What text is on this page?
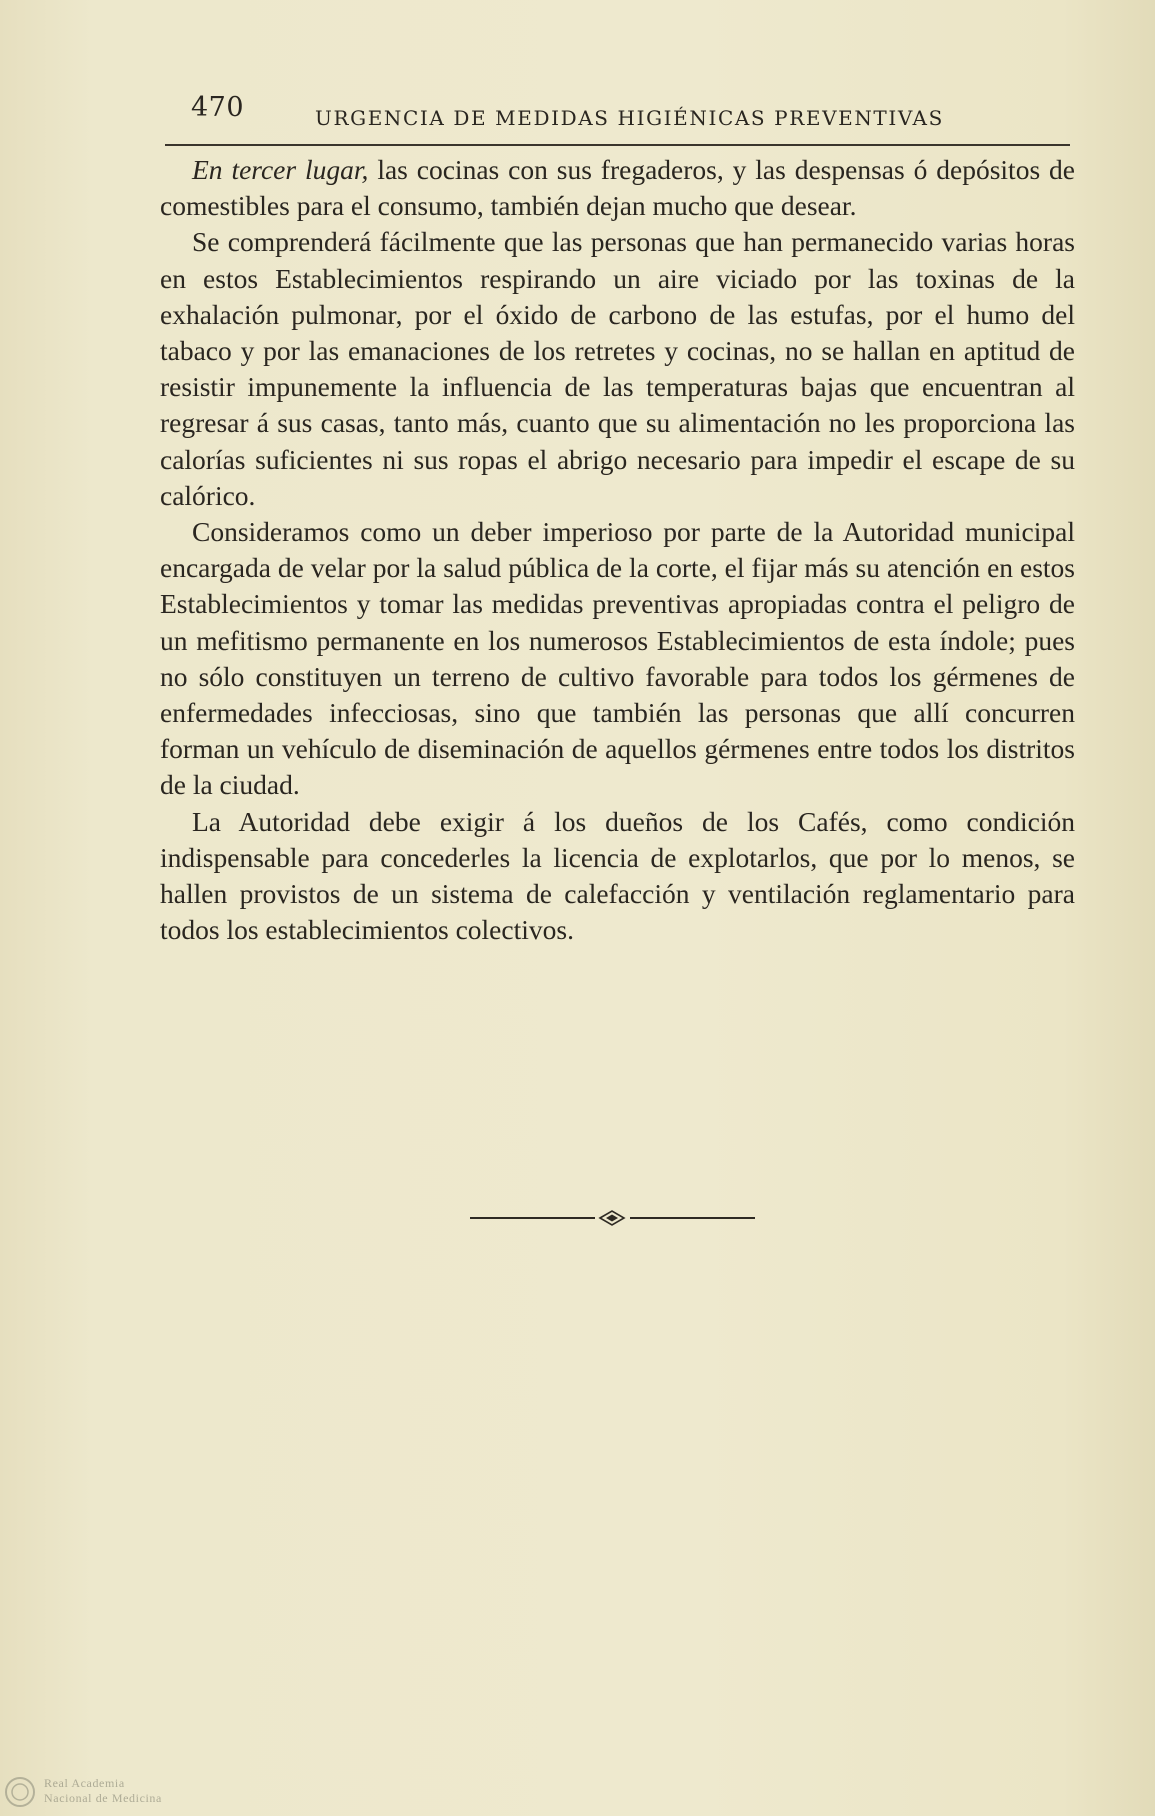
470	URGENCIA DE MEDIDAS HIGIÉNICAS PREVENTIVAS

En tercer lugar, las cocinas con sus fregaderos, y las despensas ó depósitos de comestibles para el consumo, también dejan mucho que desear.

Se comprenderá fácilmente que las personas que han permanecido varias horas en estos Establecimientos respirando un aire viciado por las toxinas de la exhalación pulmonar, por el óxido de carbono de las estufas, por el humo del tabaco y por las emanaciones de los retretes y cocinas, no se hallan en aptitud de resistir impunemente la influencia de las temperaturas bajas que encuentran al regresar á sus casas, tanto más, cuanto que su alimentación no les proporciona las calorías suficientes ni sus ropas el abrigo necesario para impedir el escape de su calórico.

Consideramos como un deber imperioso por parte de la Autoridad municipal encargada de velar por la salud pública de la corte, el fijar más su atención en estos Establecimientos y tomar las medidas preventivas apropiadas contra el peligro de un mefitismo permanente en los numerosos Establecimientos de esta índole; pues no sólo constituyen un terreno de cultivo favorable para todos los gérmenes de enfermedades infecciosas, sino que también las personas que allí concurren forman un vehículo de diseminación de aquellos gérmenes entre todos los distritos de la ciudad.

La Autoridad debe exigir á los dueños de los Cafés, como condición indispensable para concederles la licencia de explotarlos, que por lo menos, se hallen provistos de un sistema de calefacción y ventilación reglamentario para todos los establecimientos colectivos.

Real Academia
Nacional de Medicina
